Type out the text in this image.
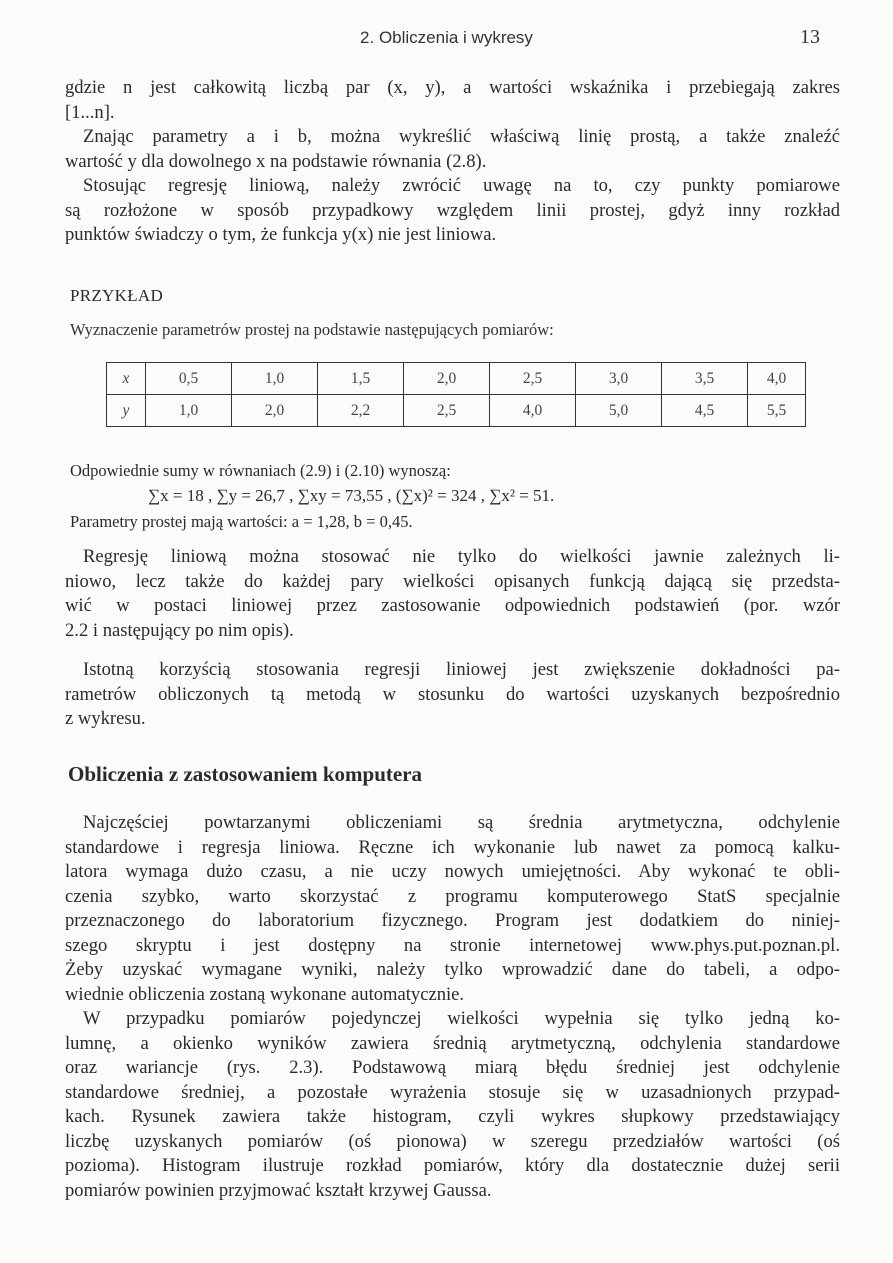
2. Obliczenia i wykresy	13
gdzie n jest całkowitą liczbą par (x, y), a wartości wskaźnika i przebiegają zakres
[1...n].
Znając parametry a i b, można wykreślić właściwą linię prostą, a także znaleźć
wartość y dla dowolnego x na podstawie równania (2.8).
Stosując regresję liniową, należy zwrócić uwagę na to, czy punkty pomiarowe
są rozłożone w sposób przypadkowy względem linii prostej, gdyż inny rozkład
punktów świadczy o tym, że funkcja y(x) nie jest liniowa.
PRZYKŁAD
Wyznaczenie parametrów prostej na podstawie następujących pomiarów:
x	0,5	1,0	1,5	2,0	2,5	3,0	3,5	4,0
y	1,0	2,0	2,2	2,5	4,0	5,0	4,5	5,5
Odpowiednie sumy w równaniach (2.9) i (2.10) wynoszą:
∑x = 18 , ∑y = 26,7 , ∑xy = 73,55 , (∑x)² = 324 , ∑x² = 51.
Parametry prostej mają wartości: a = 1,28, b = 0,45.
Regresję liniową można stosować nie tylko do wielkości jawnie zależnych li-
niowo, lecz także do każdej pary wielkości opisanych funkcją dającą się przedsta-
wić w postaci liniowej przez zastosowanie odpowiednich podstawień (por. wzór
2.2 i następujący po nim opis).
Istotną korzyścią stosowania regresji liniowej jest zwiększenie dokładności pa-
rametrów obliczonych tą metodą w stosunku do wartości uzyskanych bezpośrednio
z wykresu.
Obliczenia z zastosowaniem komputera
Najczęściej powtarzanymi obliczeniami są średnia arytmetyczna, odchylenie
standardowe i regresja liniowa. Ręczne ich wykonanie lub nawet za pomocą kalku-
latora wymaga dużo czasu, a nie uczy nowych umiejętności. Aby wykonać te obli-
czenia szybko, warto skorzystać z programu komputerowego StatS specjalnie
przeznaczonego do laboratorium fizycznego. Program jest dodatkiem do niniej-
szego skryptu i jest dostępny na stronie internetowej www.phys.put.poznan.pl.
Żeby uzyskać wymagane wyniki, należy tylko wprowadzić dane do tabeli, a odpo-
wiednie obliczenia zostaną wykonane automatycznie.
W przypadku pomiarów pojedynczej wielkości wypełnia się tylko jedną ko-
lumnę, a okienko wyników zawiera średnią arytmetyczną, odchylenia standardowe
oraz wariancje (rys. 2.3). Podstawową miarą błędu średniej jest odchylenie
standardowe średniej, a pozostałe wyrażenia stosuje się w uzasadnionych przypad-
kach. Rysunek zawiera także histogram, czyli wykres słupkowy przedstawiający
liczbę uzyskanych pomiarów (oś pionowa) w szeregu przedziałów wartości (oś
pozioma). Histogram ilustruje rozkład pomiarów, który dla dostatecznie dużej serii
pomiarów powinien przyjmować kształt krzywej Gaussa.
